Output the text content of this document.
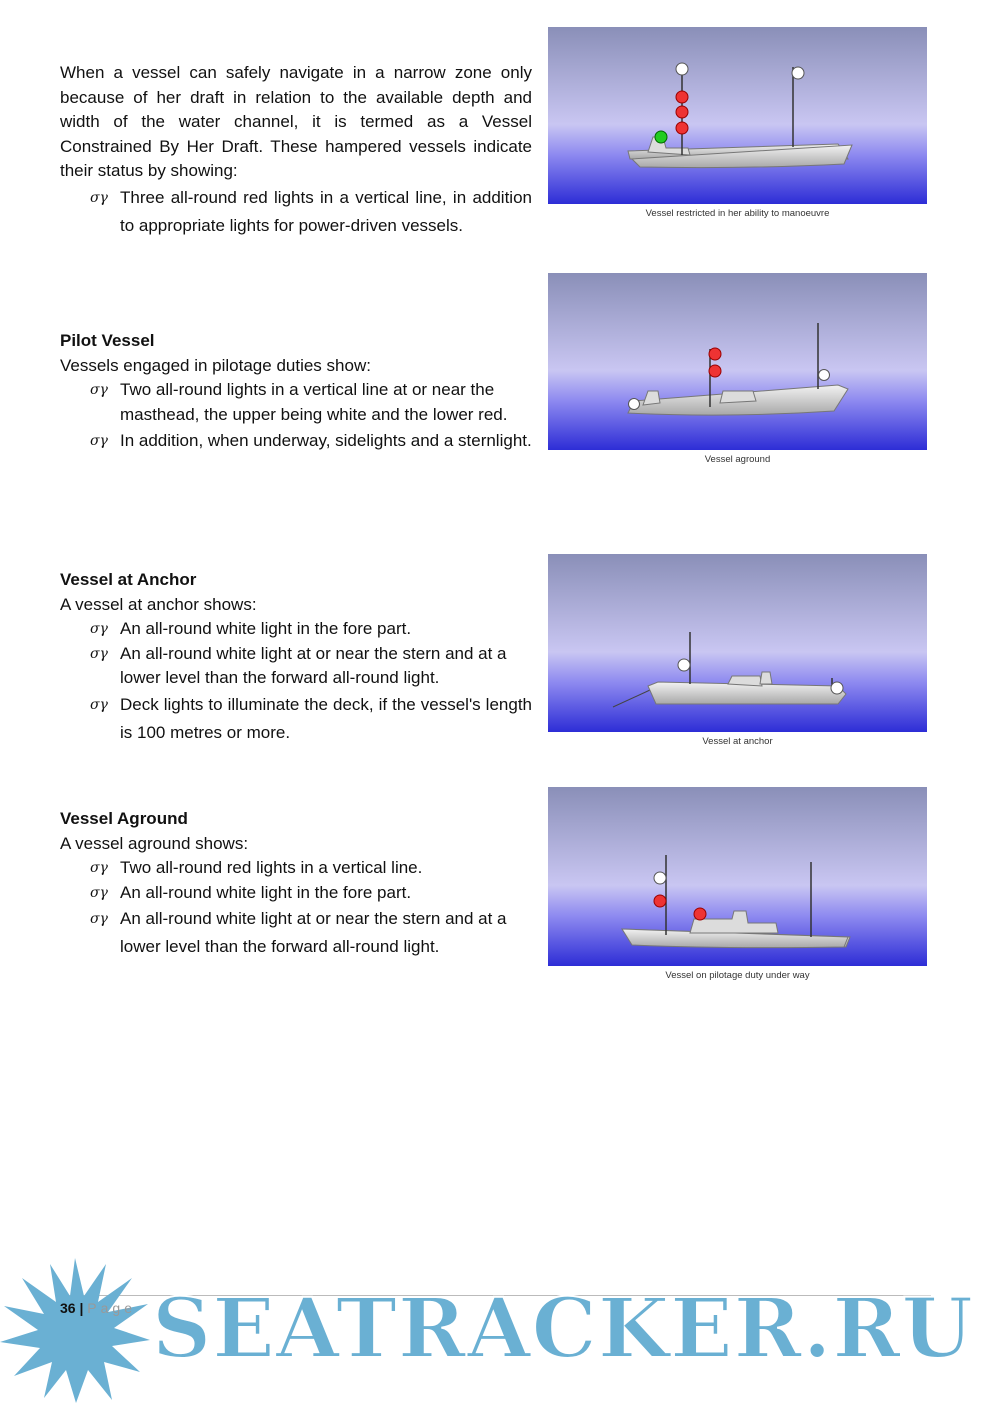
When a vessel can safely navigate in a narrow zone only because of her draft in relation to the available depth and width of the water channel, it is termed as a Vessel Constrained By Her Draft. These hampered vessels indicate their status by showing:

σγ Three all-round red lights in a vertical line, in addition to appropriate lights for power-driven vessels.
Pilot Vessel

Vessels engaged in pilotage duties show:

σγ Two all-round lights in a vertical line at or near the masthead, the upper being white and the lower red.
σγ In addition, when underway, sidelights and a sternlight.
Vessel at Anchor

A vessel at anchor shows:

σγ An all-round white light in the fore part.
σγ An all-round white light at or near the stern and at a lower level than the forward all-round light.
σγ Deck lights to illuminate the deck, if the vessel's length is 100 metres or more.
Vessel Aground

A vessel aground shows:

σγ Two all-round red lights in a vertical line.
σγ An all-round white light in the fore part.
σγ An all-round white light at or near the stern and at a lower level than the forward all-round light.
Vessel restricted in her ability to manoeuvre
Vessel aground
Vessel at anchor
Vessel on pilotage duty under way
36 | Page SEATRACKER.RU
